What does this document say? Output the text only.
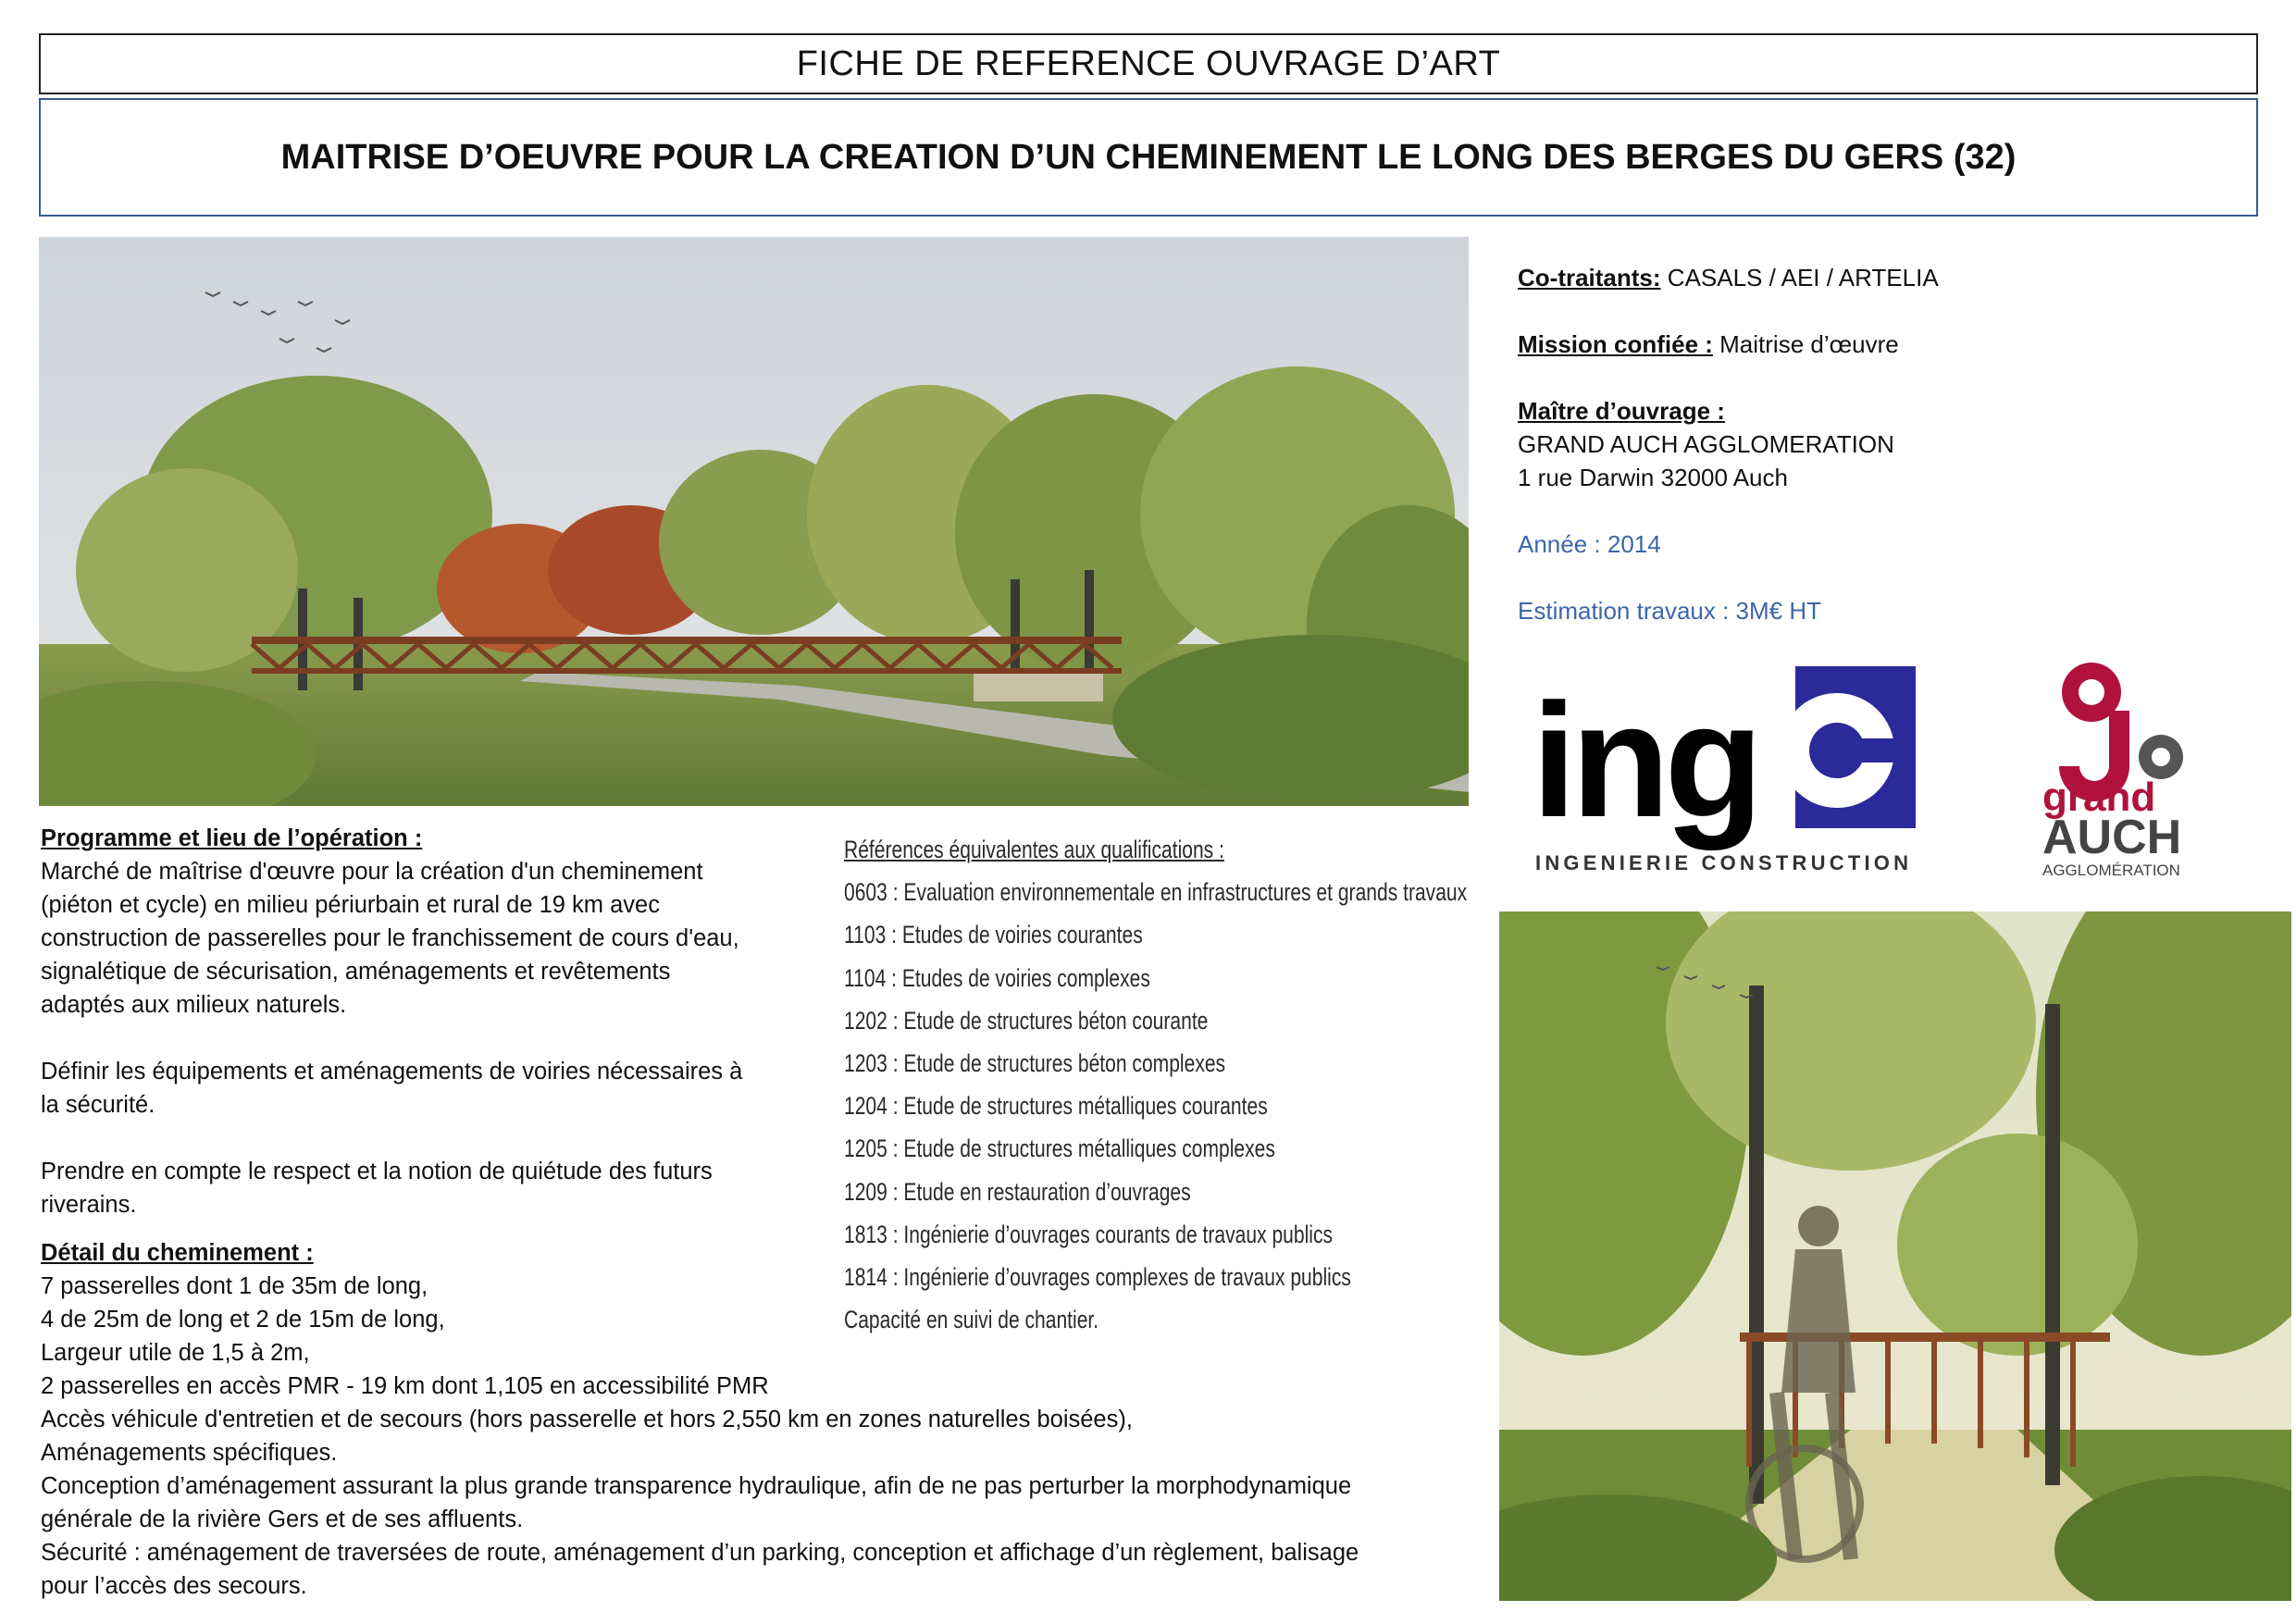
FICHE DE REFERENCE OUVRAGE D’ART
MAITRISE D’OEUVRE POUR LA CREATION D’UN CHEMINEMENT LE LONG DES BERGES DU GERS (32)
Co-traitants: CASALS / AEI / ARTELIA
Mission confiée : Maitrise d’œuvre
Maître d’ouvrage :
GRAND AUCH AGGLOMERATION
1 rue Darwin 32000 Auch
Année : 2014
Estimation travaux : 3M€ HT
ing
INGENIERIE CONSTRUCTION
grand
AUCH
AGGLOMÉRATION
Programme et lieu de l’opération :
Marché de maîtrise d'œuvre pour la création d'un cheminement
(piéton et cycle) en milieu périurbain et rural de 19 km avec
construction de passerelles pour le franchissement de cours d'eau,
signalétique de sécurisation, aménagements et revêtements
adaptés aux milieux naturels.

Définir les équipements et aménagements de voiries nécessaires à
la sécurité.

Prendre en compte le respect et la notion de quiétude des futurs
riverains.
Détail du cheminement :
7 passerelles dont 1 de 35m de long,
4 de 25m de long et 2 de 15m de long,
Largeur utile de 1,5 à 2m,
2 passerelles en accès PMR - 19 km dont 1,105 en accessibilité PMR
Accès véhicule d'entretien et de secours (hors passerelle et hors 2,550 km en zones naturelles boisées),
Aménagements spécifiques.
Conception d’aménagement assurant la plus grande transparence hydraulique, afin de ne pas perturber la morphodynamique
générale de la rivière Gers et de ses affluents.
Sécurité : aménagement de traversées de route, aménagement d’un parking, conception et affichage d’un règlement, balisage
pour l’accès des secours.
Références équivalentes aux qualifications :
0603 : Evaluation environnementale en infrastructures et grands travaux
1103 : Etudes de voiries courantes
1104 : Etudes de voiries complexes
1202 : Etude de structures béton courante
1203 : Etude de structures béton complexes
1204 : Etude de structures métalliques courantes
1205 : Etude de structures métalliques complexes
1209 : Etude en restauration d’ouvrages
1813 : Ingénierie d’ouvrages courants de travaux publics
1814 : Ingénierie d’ouvrages complexes de travaux publics
Capacité en suivi de chantier.
